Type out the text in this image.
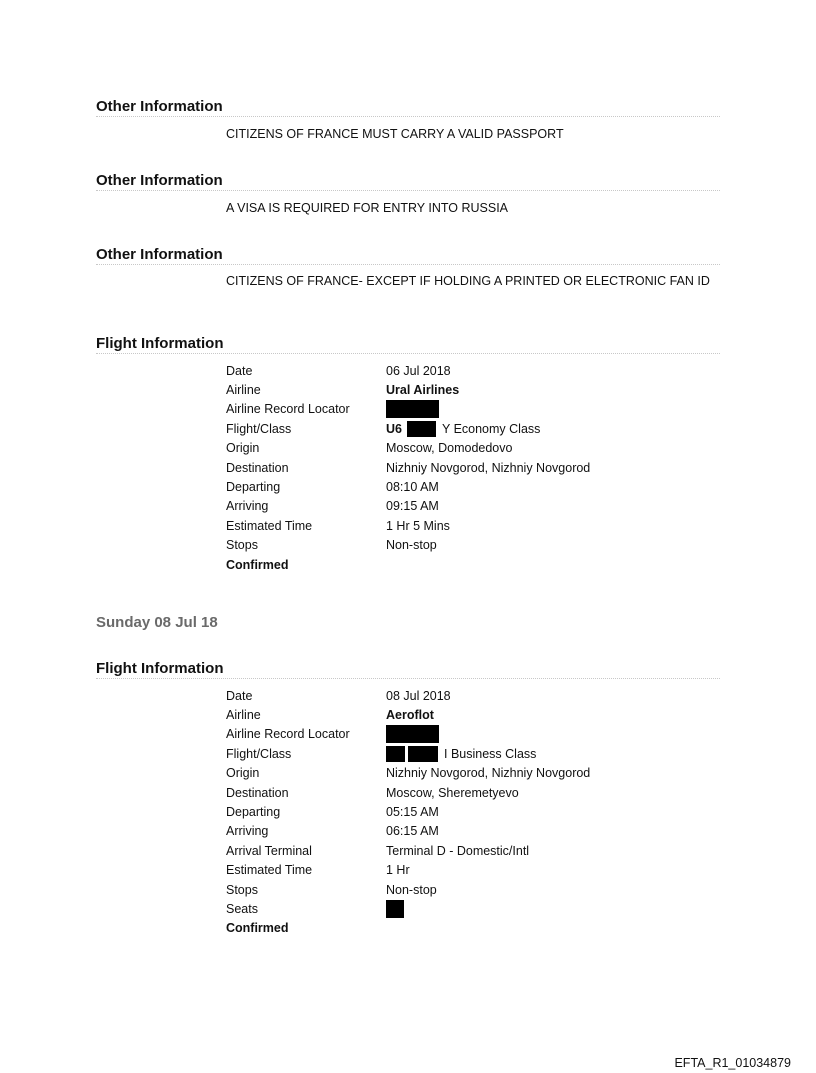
Other Information
CITIZENS OF FRANCE MUST CARRY A VALID PASSPORT
Other Information
A VISA IS REQUIRED FOR ENTRY INTO RUSSIA
Other Information
CITIZENS OF FRANCE- EXCEPT IF HOLDING A PRINTED OR ELECTRONIC FAN ID
Flight Information
Date	06 Jul 2018
Airline	Ural Airlines
Airline Record Locator
Flight/Class	U6	Y Economy Class
Origin	Moscow, Domodedovo
Destination	Nizhniy Novgorod, Nizhniy Novgorod
Departing	08:10 AM
Arriving	09:15 AM
Estimated Time	1 Hr 5 Mins
Stops	Non-stop
Confirmed
Sunday 08 Jul 18
Flight Information
Date	08 Jul 2018
Airline	Aeroflot
Airline Record Locator
Flight/Class	I Business Class
Origin	Nizhniy Novgorod, Nizhniy Novgorod
Destination	Moscow, Sheremetyevo
Departing	05:15 AM
Arriving	06:15 AM
Arrival Terminal	Terminal D - Domestic/Intl
Estimated Time	1 Hr
Stops	Non-stop
Seats
Confirmed
EFTA_R1_01034879
